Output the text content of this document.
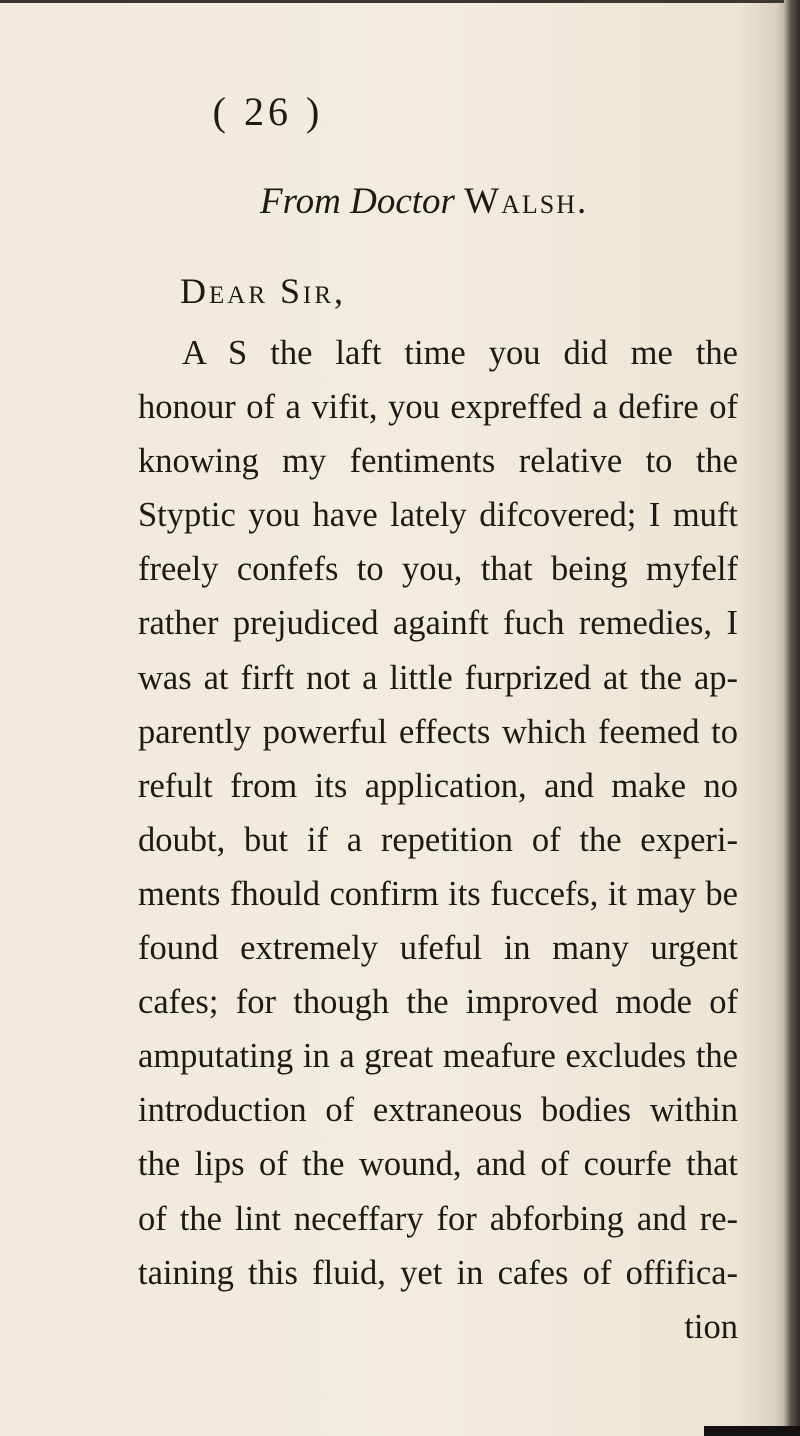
( 26 )
From Doctor Walsh.
Dear Sir,
A S the laft time you did me the
honour of a vifit, you expreffed a defire of
knowing my fentiments relative to the
Styptic you have lately difcovered; I muft
freely confefs to you, that being myfelf
rather prejudiced againft fuch remedies, I
was at firft not a little furprized at the ap-
parently powerful effects which feemed to
refult from its application, and make no
doubt, but if a repetition of the experi-
ments fhould confirm its fuccefs, it may be
found extremely ufeful in many urgent
cafes; for though the improved mode of
amputating in a great meafure excludes the
introduction of extraneous bodies within
the lips of the wound, and of courfe that
of the lint neceffary for abforbing and re-
taining this fluid, yet in cafes of offifica-
tion
